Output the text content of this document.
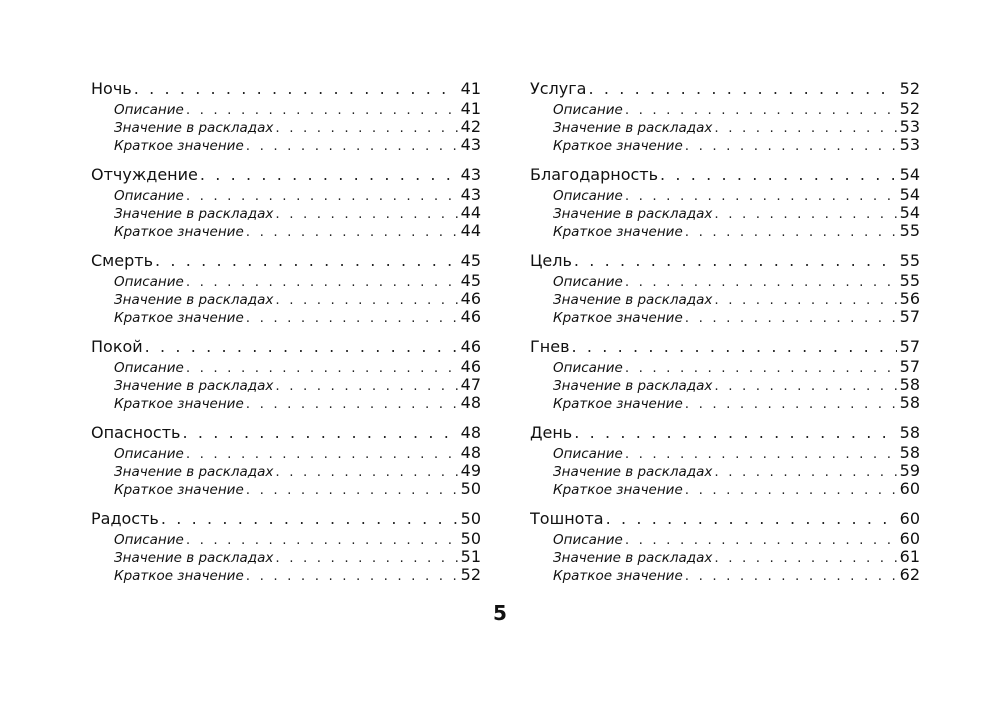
Ночь . . .	41
Описание . . .	41
Значение в раскладах . . .	42
Краткое значение . . .	43
Отчуждение . . .	43
Описание . . .	43
Значение в раскладах . . .	44
Краткое значение . . .	44
Смерть . . .	45
Описание . . .	45
Значение в раскладах . . .	46
Краткое значение . . .	46
Покой . . .	46
Описание . . .	46
Значение в раскладах . . .	47
Краткое значение . . .	48
Опасность . . .	48
Описание . . .	48
Значение в раскладах . . .	49
Краткое значение . . .	50
Радость . . .	50
Описание . . .	50
Значение в раскладах . . .	51
Краткое значение . . .	52
Услуга . . .	52
Описание . . .	52
Значение в раскладах . . .	53
Краткое значение . . .	53
Благодарность . . .	54
Описание . . .	54
Значение в раскладах . . .	54
Краткое значение . . .	55
Цель . . .	55
Описание . . .	55
Значение в раскладах . . .	56
Краткое значение . . .	57
Гнев . . .	57
Описание . . .	57
Значение в раскладах . . .	58
Краткое значение . . .	58
День . . .	58
Описание . . .	58
Значение в раскладах . . .	59
Краткое значение . . .	60
Тошнота . . .	60
Описание . . .	60
Значение в раскладах . . .	61
Краткое значение . . .	62
5
